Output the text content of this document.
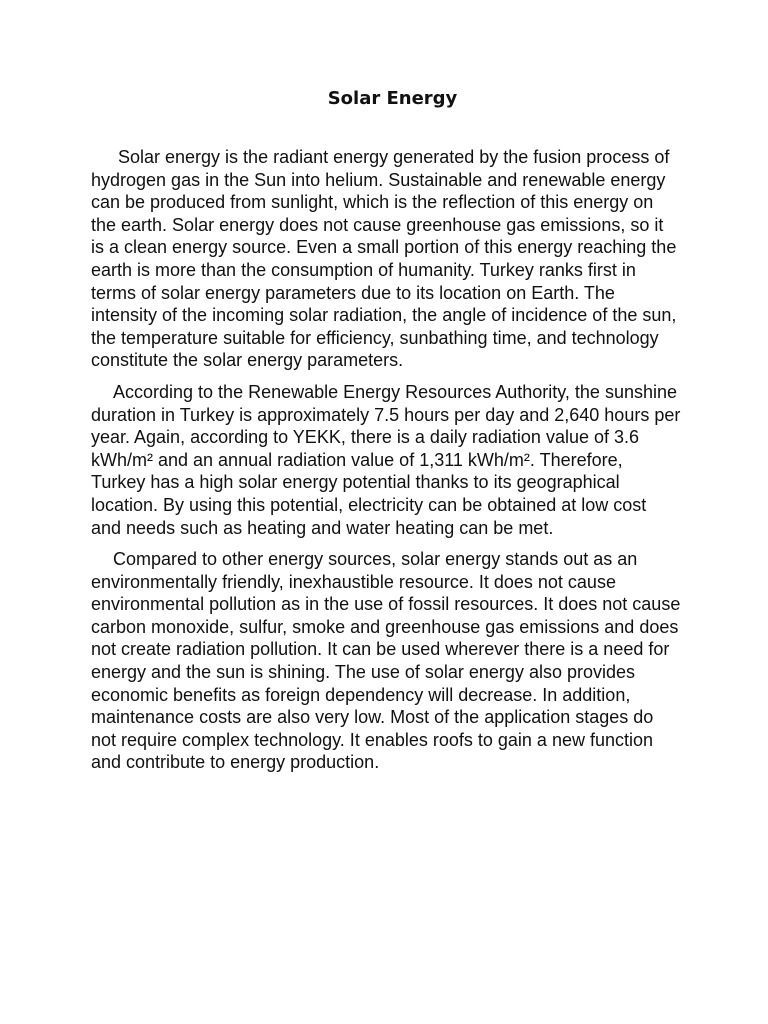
Solar Energy

Solar energy is the radiant energy generated by the fusion process of hydrogen gas in the Sun into helium. Sustainable and renewable energy can be produced from sunlight, which is the reflection of this energy on the earth. Solar energy does not cause greenhouse gas emissions, so it is a clean energy source. Even a small portion of this energy reaching the earth is more than the consumption of humanity. Turkey ranks first in terms of solar energy parameters due to its location on Earth. The intensity of the incoming solar radiation, the angle of incidence of the sun, the temperature suitable for efficiency, sunbathing time, and technology constitute the solar energy parameters.

According to the Renewable Energy Resources Authority, the sunshine duration in Turkey is approximately 7.5 hours per day and 2,640 hours per year. Again, according to YEKK, there is a daily radiation value of 3.6 kWh/m² and an annual radiation value of 1,311 kWh/m². Therefore, Turkey has a high solar energy potential thanks to its geographical location. By using this potential, electricity can be obtained at low cost and needs such as heating and water heating can be met.

Compared to other energy sources, solar energy stands out as an environmentally friendly, inexhaustible resource. It does not cause environmental pollution as in the use of fossil resources. It does not cause carbon monoxide, sulfur, smoke and greenhouse gas emissions and does not create radiation pollution. It can be used wherever there is a need for energy and the sun is shining. The use of solar energy also provides economic benefits as foreign dependency will decrease. In addition, maintenance costs are also very low. Most of the application stages do not require complex technology. It enables roofs to gain a new function and contribute to energy production.
